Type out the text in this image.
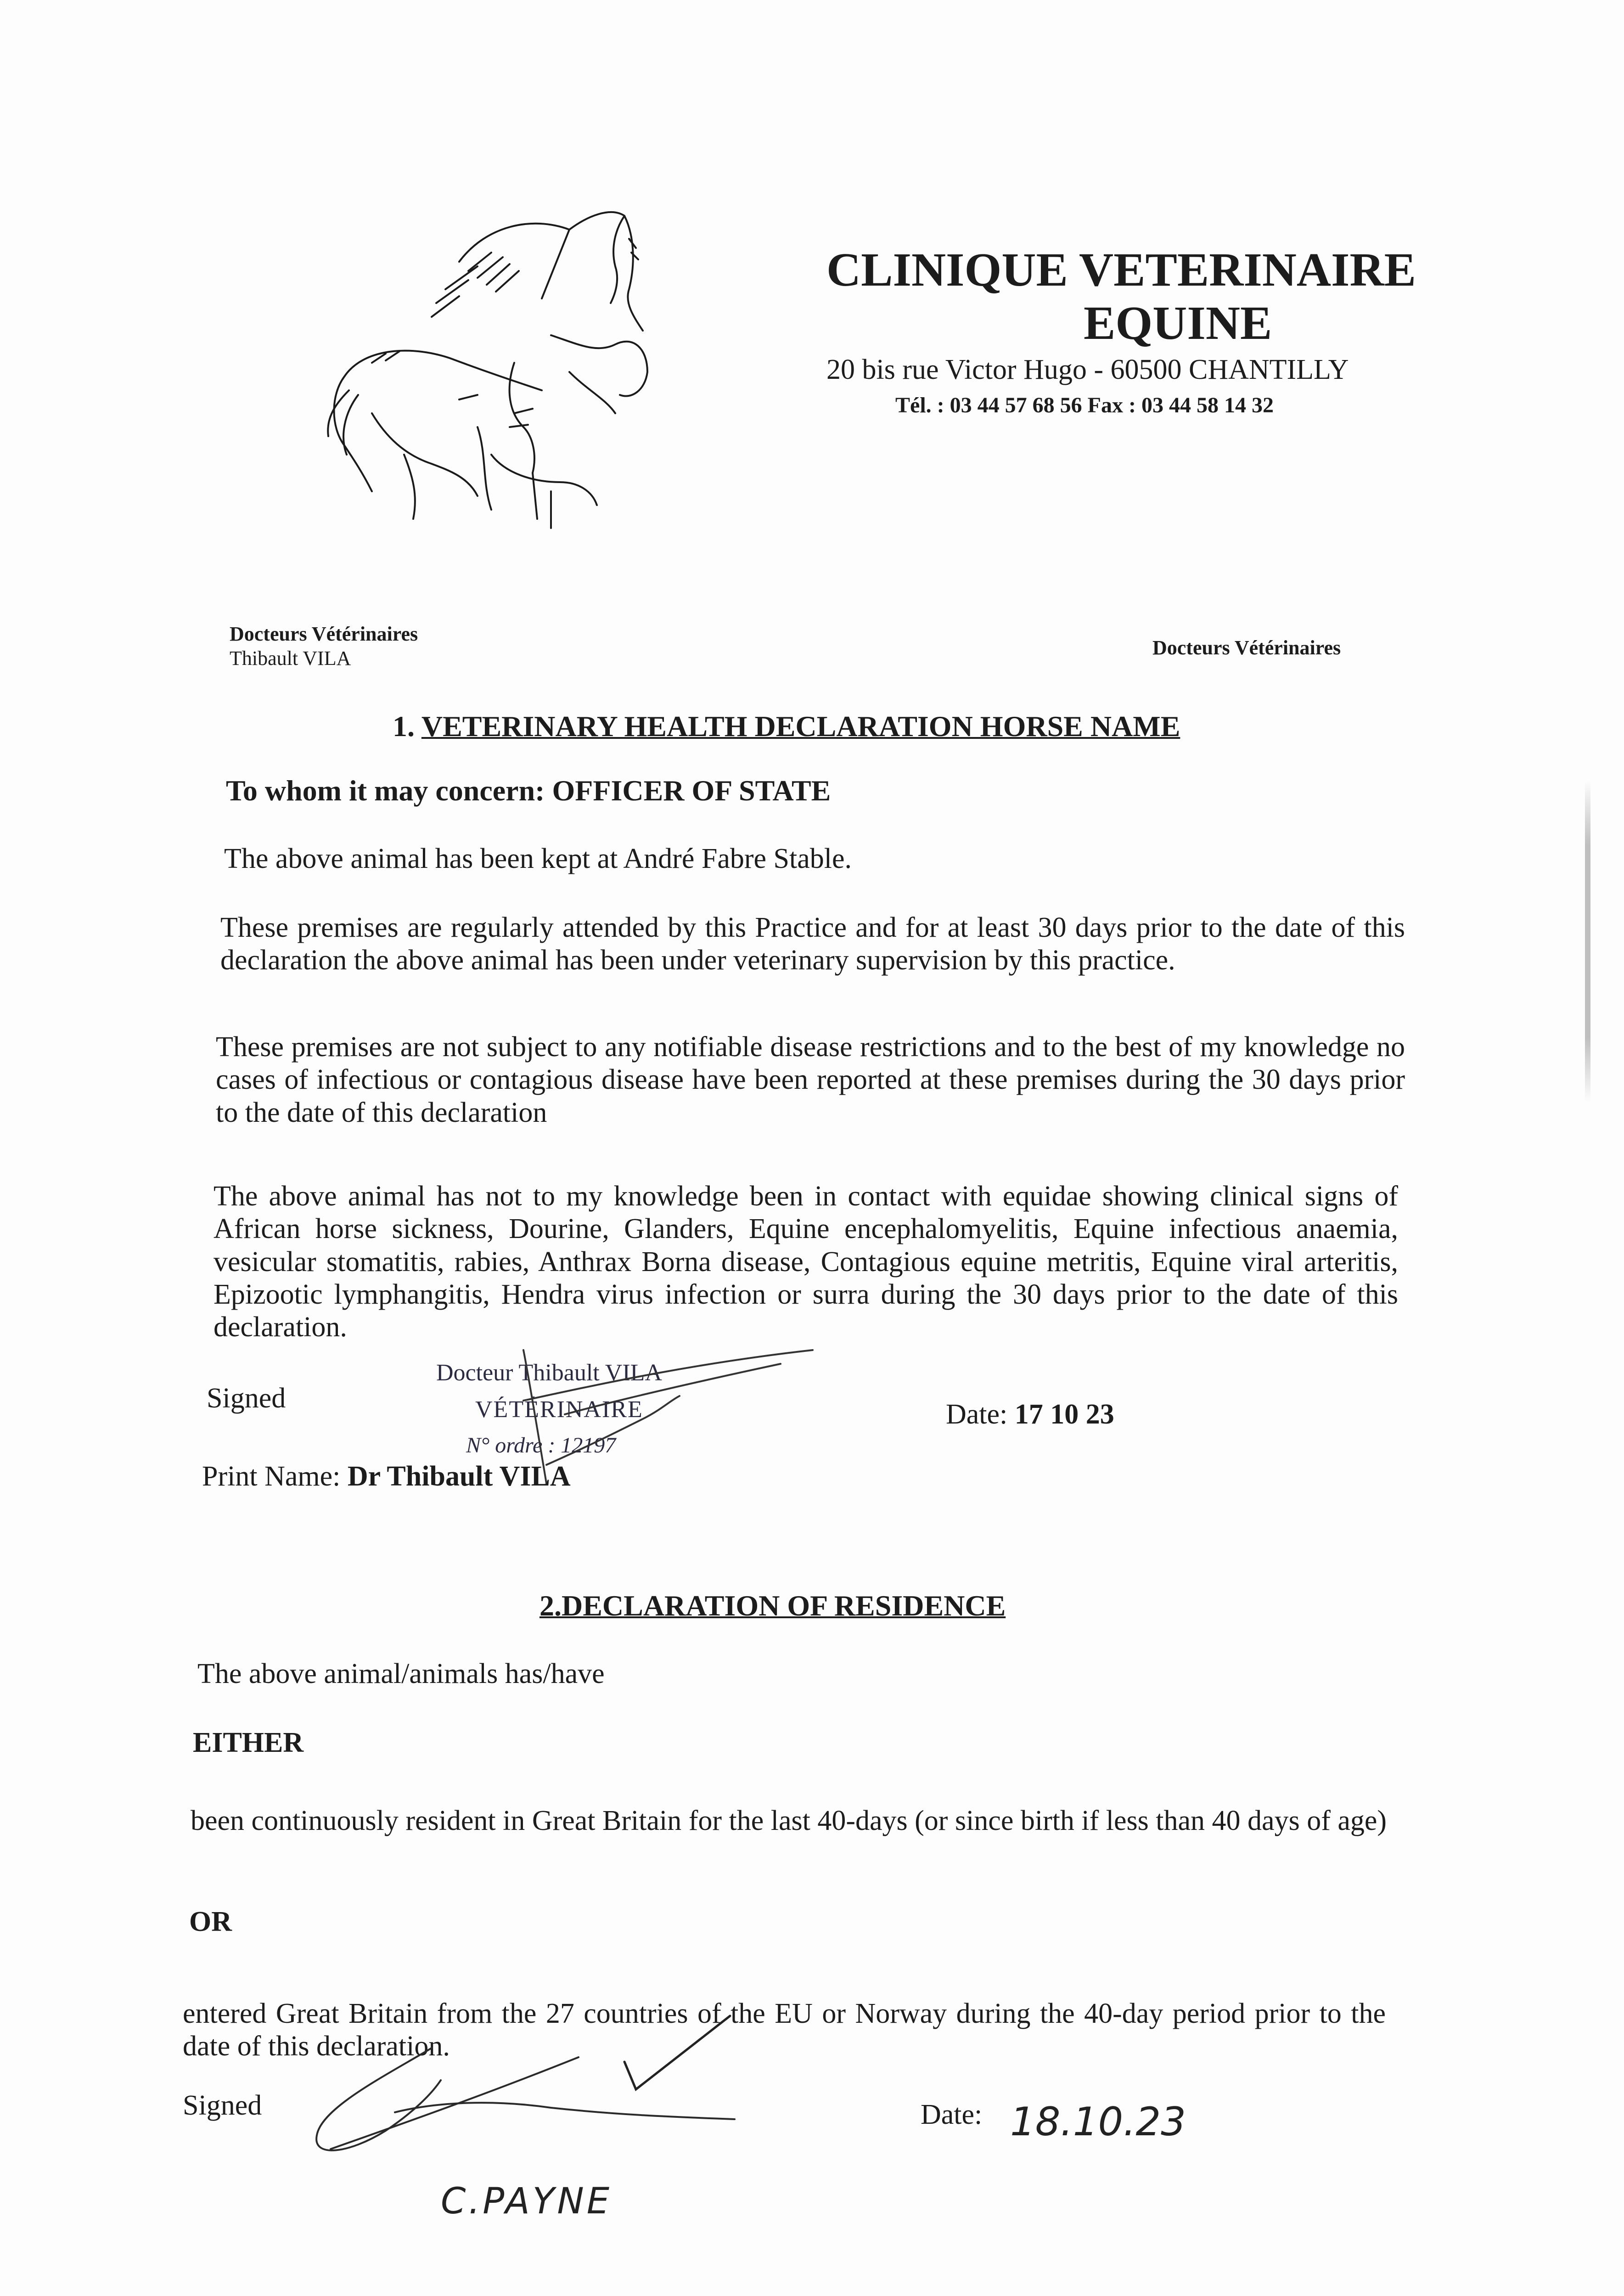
CLINIQUE VETERINAIRE
EQUINE
20 bis rue Victor Hugo - 60500 CHANTILLY
Tél. : 03 44 57 68 56 Fax : 03 44 58 14 32
Docteurs Vétérinaires
Thibault VILA	Docteurs Vétérinaires
1. VETERINARY HEALTH DECLARATION HORSE NAME
To whom it may concern: OFFICER OF STATE
The above animal has been kept at André Fabre Stable.
These premises are regularly attended by this Practice and for at least 30 days prior to the date of this declaration the above animal has been under veterinary supervision by this practice.
These premises are not subject to any notifiable disease restrictions and to the best of my knowledge no cases of infectious or contagious disease have been reported at these premises during the 30 days prior to the date of this declaration
The above animal has not to my knowledge been in contact with equidae showing clinical signs of African horse sickness, Dourine, Glanders, Equine encephalomyelitis, Equine infectious anaemia, vesicular stomatitis, rabies, Anthrax Borna disease, Contagious equine metritis, Equine viral arteritis, Epizootic lymphangitis, Hendra virus infection or surra during the 30 days prior to the date of this declaration.
Signed
Docteur Thibault VILA
VÉTÉRINAIRE
N° ordre : 12197
Print Name: Dr Thibault VILA
Date: 17 10 23
2.DECLARATION OF RESIDENCE
The above animal/animals has/have
EITHER
been continuously resident in Great Britain for the last 40-days (or since birth if less than 40 days of age)
OR
entered Great Britain from the 27 countries of the EU or Norway during the 40-day period prior to the date of this declaration.
Signed	Date: 18.10.23
C.PAYNE
